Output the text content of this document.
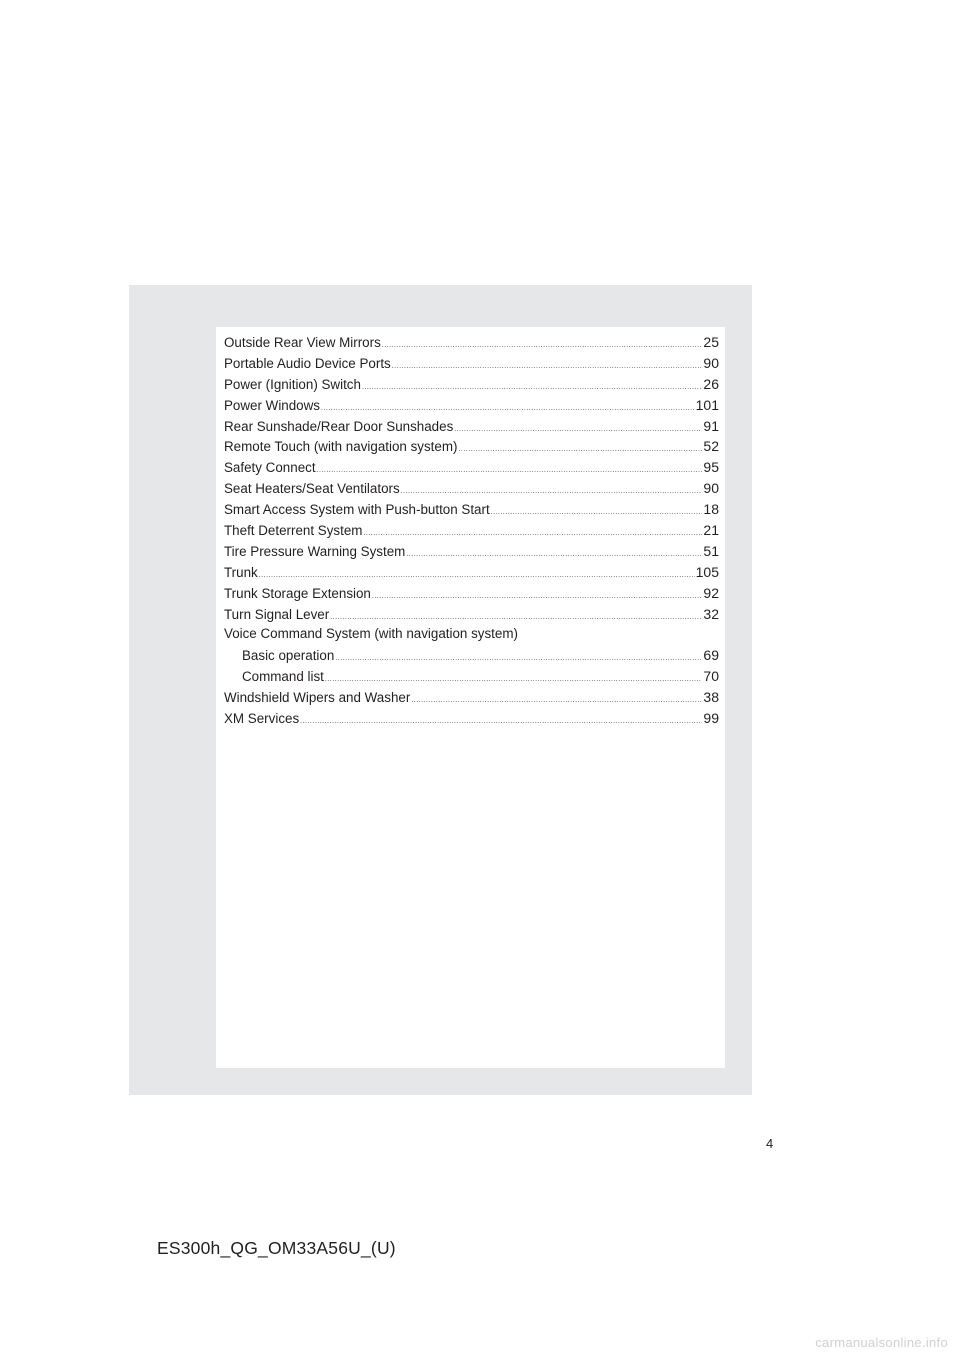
Outside Rear View Mirrors .....	25
Portable Audio Device Ports .....	90
Power (Ignition) Switch .....	26
Power Windows .....	101
Rear Sunshade/Rear Door Sunshades .....	91
Remote Touch (with navigation system) .....	52
Safety Connect .....	95
Seat Heaters/Seat Ventilators .....	90
Smart Access System with Push-button Start .....	18
Theft Deterrent System .....	21
Tire Pressure Warning System .....	51
Trunk .....	105
Trunk Storage Extension .....	92
Turn Signal Lever .....	32
Voice Command System (with navigation system)
Basic operation .....	69
Command list .....	70
Windshield Wipers and Washer .....	38
XM Services .....	99
4
ES300h_QG_OM33A56U_(U)
carmanualsonline.info
